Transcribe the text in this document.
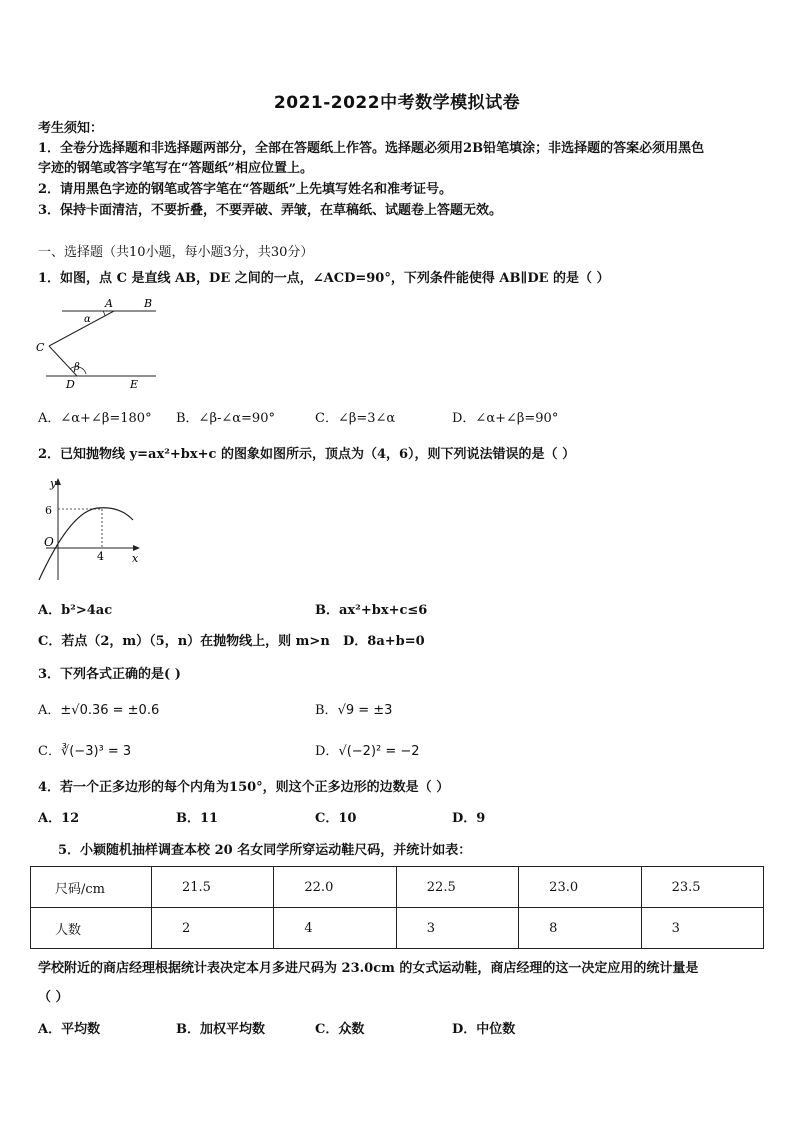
2021-2022中考数学模拟试卷
考生须知：
1．全卷分选择题和非选择题两部分，全部在答题纸上作答。选择题必须用2B铅笔填涂；非选择题的答案必须用黑色
字迹的钢笔或答字笔写在“答题纸”相应位置上。
2．请用黑色字迹的钢笔或答字笔在“答题纸”上先填写姓名和准考证号。
3．保持卡面清洁，不要折叠，不要弄破、弄皱，在草稿纸、试题卷上答题无效。
一、选择题（共10小题，每小题3分，共30分）
1．如图，点 C 是直线 AB，DE 之间的一点，∠ACD=90°，下列条件能使得 AB∥DE 的是（ ）
A	B
C
D	E
α
β
A．∠α+∠β=180° B．∠β-∠α=90°	C．∠β=3∠α	D．∠α+∠β=90°
2．已知抛物线 y=ax²+bx+c 的图象如图所示，顶点为（4，6），则下列说法错误的是（ ）
y
x
O
6
4
A．b²>4ac	B．ax²+bx+c≤6
C．若点（2，m）（5，n）在抛物线上，则 m>n D．8a+b=0
3．下列各式正确的是( )
A．±√0.36 = ±0.6	B．√9 = ±3
C．∛(−3)³ = 3	D．√(−2)² = −2
4．若一个正多边形的每个内角为150°，则这个正多边形的边数是（ ）
A．12	B．11	C．10	D．9
5．小颖随机抽样调查本校 20 名女同学所穿运动鞋尺码，并统计如表：
尺码/cm	21.5	22.0	22.5	23.0	23.5
人数	2	4	3	8	3
学校附近的商店经理根据统计表决定本月多进尺码为 23.0cm 的女式运动鞋，商店经理的这一决定应用的统计量是
（ ）
A．平均数	B．加权平均数	C．众数	D．中位数
